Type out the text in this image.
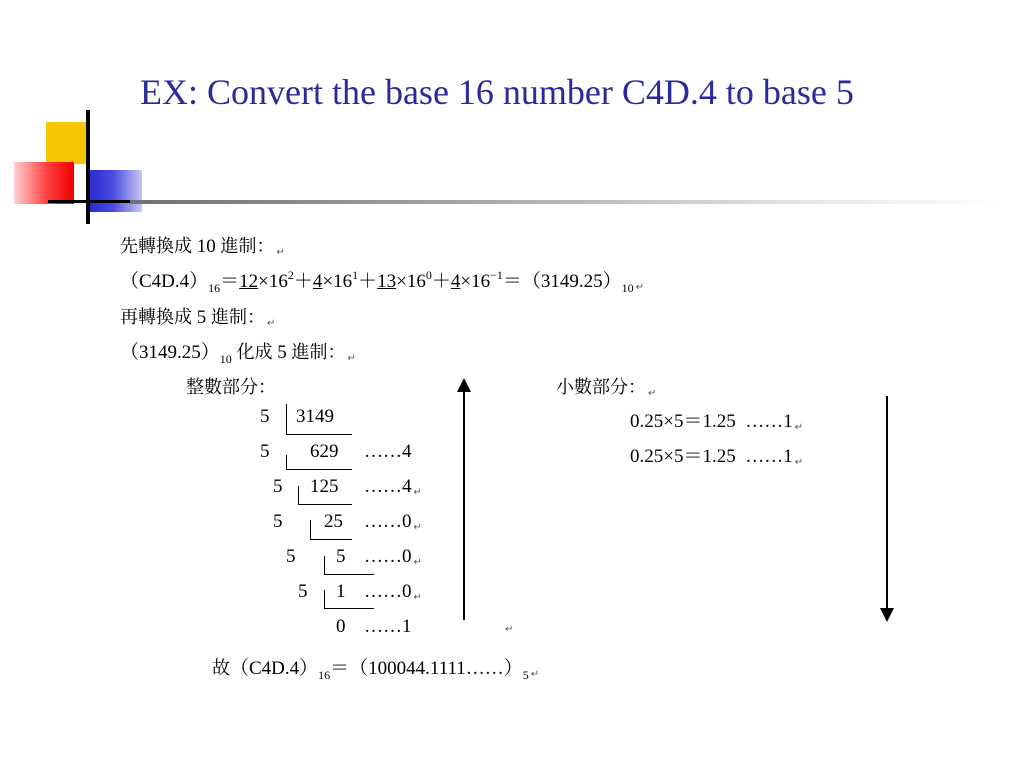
EX: Convert the base 16 number C4D.4 to base 5
先轉換成 10 進制： ↵
$(C4D.4)_{16}=12\times 16^2+4\times 16^1+13\times 16^0+4\times 16^{-1}=(3149.25)_{10}$ ↵
再轉換成 5 進制： ↵
$(3149.25)_{10}$ 化成 5 進制： ↵
整數部分：	小數部分： ↵
5 3149
5 629 ……4
5 125 ……4 ↵
5 25 ……0 ↵
5 5 ……0 ↵
5 1 ……0 ↵
0 ……1	↵
0.25×5＝1.25 ……1 ↵
0.25×5＝1.25 ……1 ↵
故$(C4D.4)_{16}=(100044.1111\dots\dots)_5$ ↵
